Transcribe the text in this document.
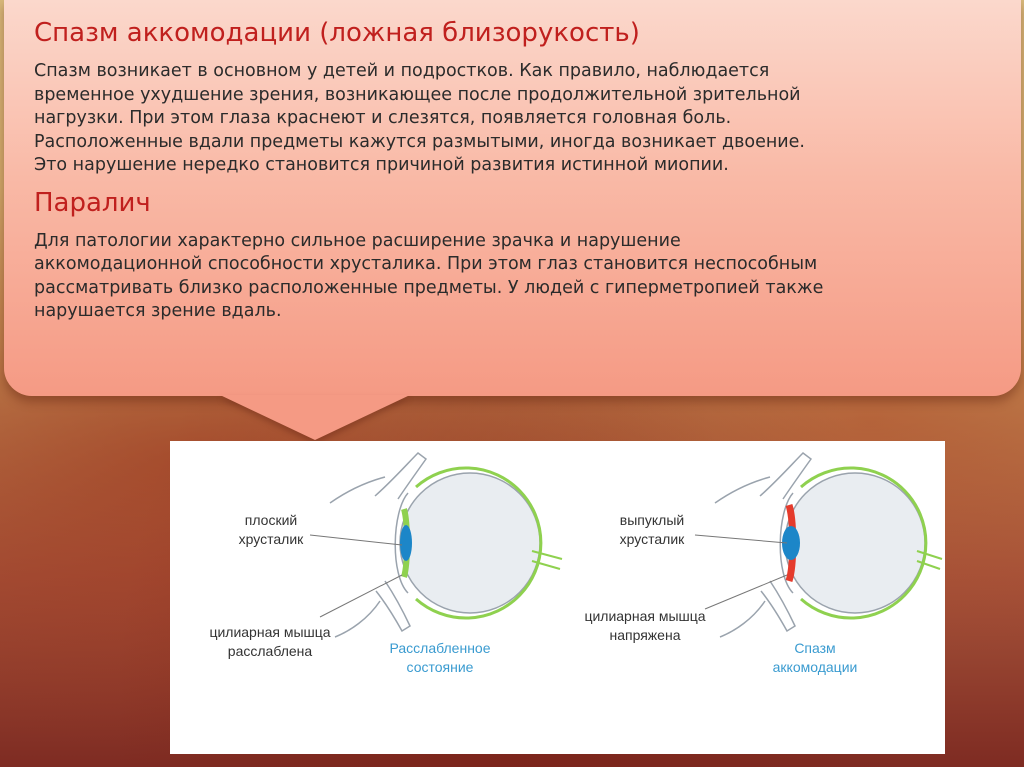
Спазм аккомодации (ложная близорукость)

Спазм возникает в основном у детей и подростков. Как правило, наблюдается
временное ухудшение зрения, возникающее после продолжительной зрительной
нагрузки. При этом глаза краснеют и слезятся, появляется головная боль.
Расположенные вдали предметы кажутся размытыми, иногда возникает двоение.
Это нарушение нередко становится причиной развития истинной миопии.

Паралич

Для патологии характерно сильное расширение зрачка и нарушение
аккомодационной способности хрусталика. При этом глаз становится неспособным
рассматривать близко расположенные предметы. У людей с гиперметропией также
нарушается зрение вдаль.

плоский
хрусталик
цилиарная мышца
расслаблена	Расслабленное
состояние
выпуклый
хрусталик
цилиарная мышца
напряжена
Спазм
аккомодации
